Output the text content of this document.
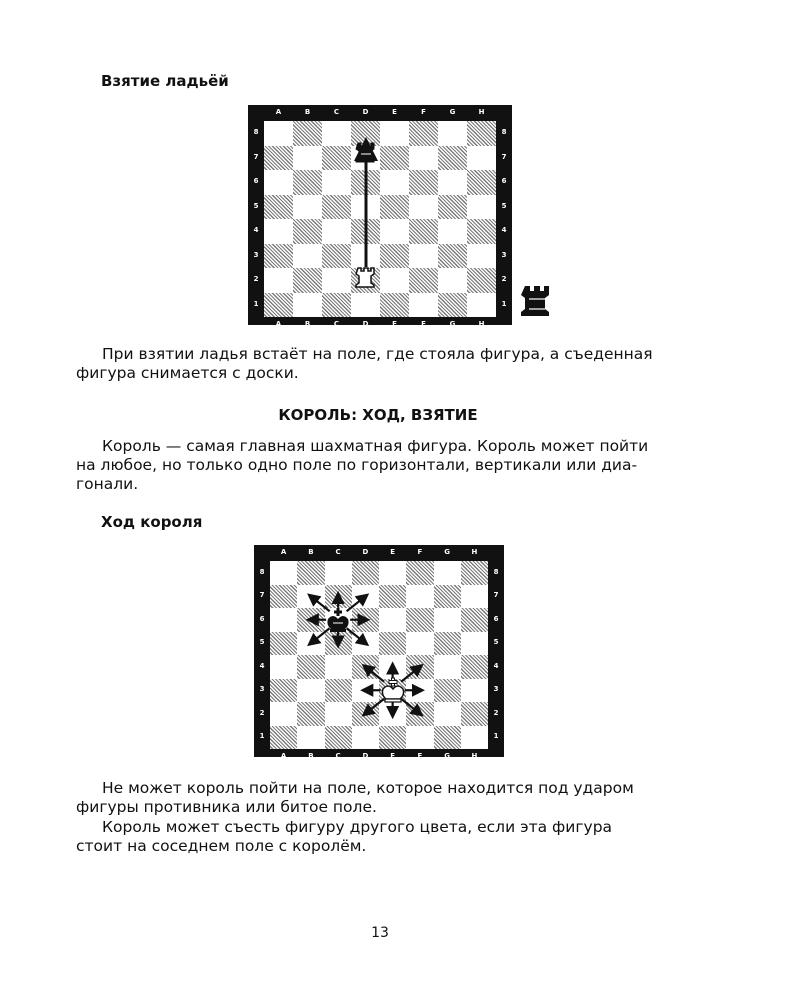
Взятие ладьёй
A
A
B
B
C
C
D
D
E
E
F
F
G
G
H
H
8	8
7	7
6	6
5	5
4	4
3	3
2	2
1	1
При взятии ладья встаёт на поле, где стояла фигура, а съеденная
фигура снимается с доски.
КОРОЛЬ: ХОД, ВЗЯТИЕ
Король — самая главная шахматная фигура. Король может пойти
на любое, но только одно поле по горизонтали, вертикали или диа-
гонали.
Ход короля
A
A
B
B
C
C
D
D
E
E
F
F
G
G
H
H
8	8
7	7
6	6
5	5
4	4
3	3
2	2
1	1
Не может король пойти на поле, которое находится под ударом
фигуры противника или битое поле.
Король может съесть фигуру другого цвета, если эта фигура
стоит на соседнем поле с королём.
13
